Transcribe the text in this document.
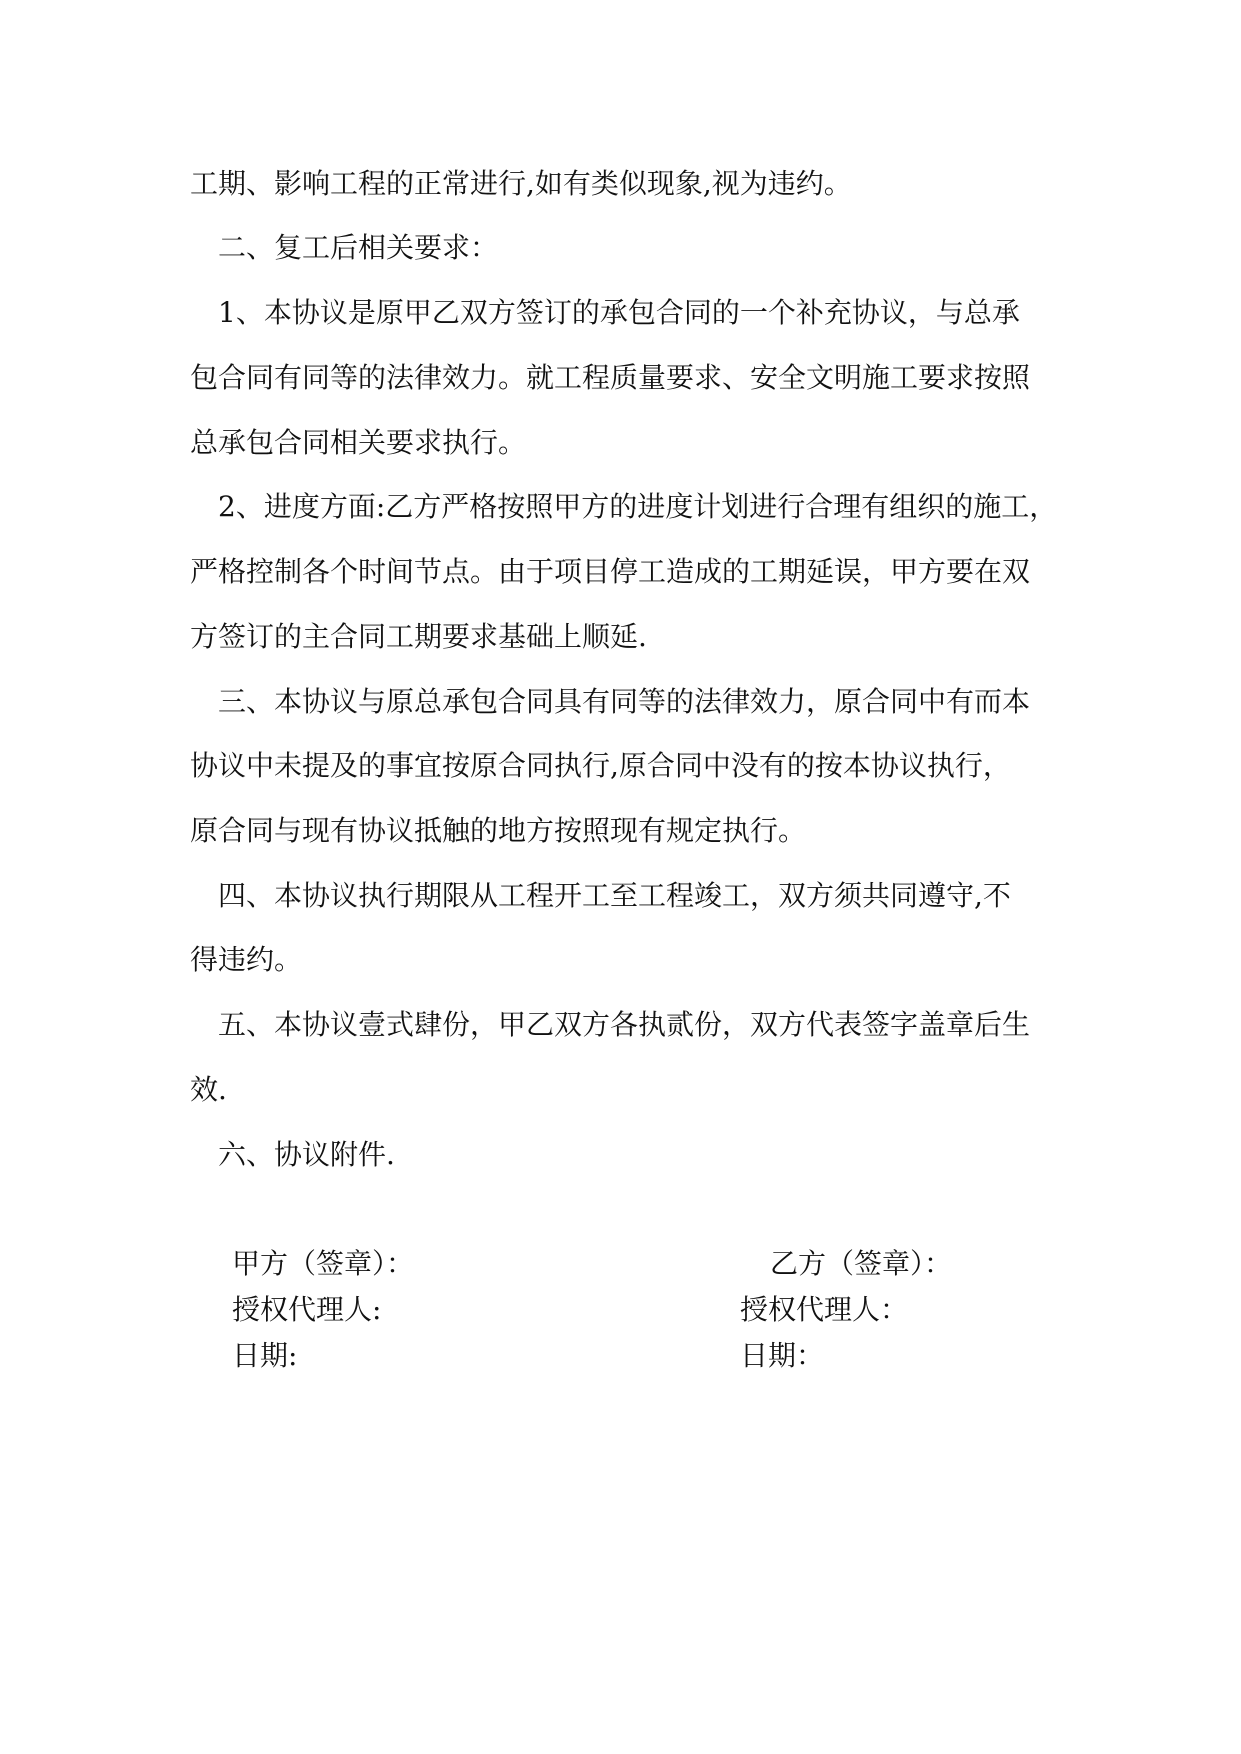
工期、影响工程的正常进行,如有类似现象,视为违约。
二、复工后相关要求：
1、本协议是原甲乙双方签订的承包合同的一个补充协议，与总承
包合同有同等的法律效力。就工程质量要求、安全文明施工要求按照
总承包合同相关要求执行。
2、进度方面:乙方严格按照甲方的进度计划进行合理有组织的施工，
严格控制各个时间节点。由于项目停工造成的工期延误，甲方要在双
方签订的主合同工期要求基础上顺延.
三、本协议与原总承包合同具有同等的法律效力，原合同中有而本
协议中未提及的事宜按原合同执行,原合同中没有的按本协议执行，
原合同与现有协议抵触的地方按照现有规定执行。
四、本协议执行期限从工程开工至工程竣工，双方须共同遵守,不
得违约。
五、本协议壹式肆份，甲乙双方各执贰份，双方代表签字盖章后生
效.
六、协议附件.
甲方（签章）：
授权代理人:
日期:
乙方（签章）：
授权代理人：
日期：
